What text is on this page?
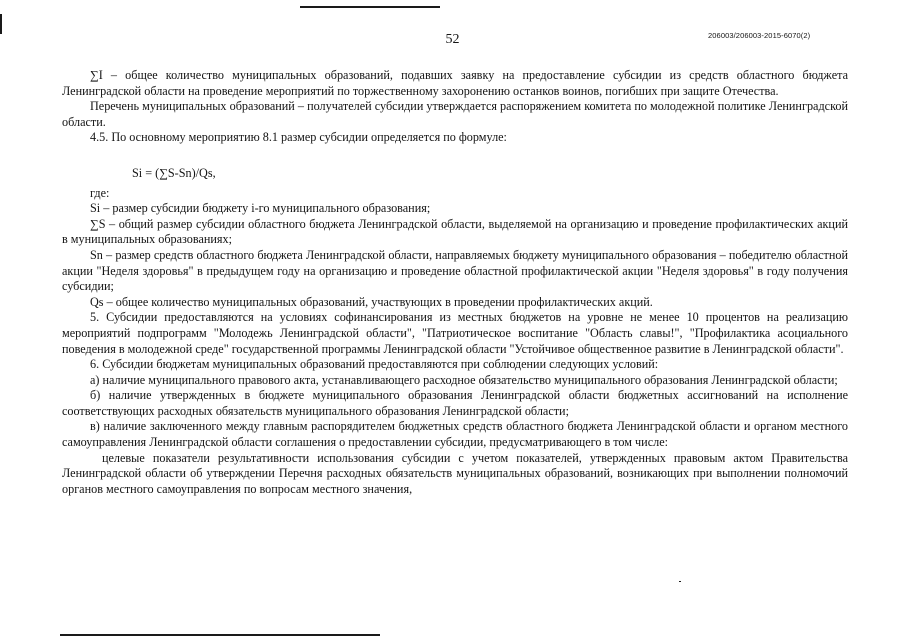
52	206003/206003-2015-6070(2)

∑I – общее количество муниципальных образований, подавших заявку на предоставление субсидии из средств областного бюджета Ленинградской области на проведение мероприятий по торжественному захоронению останков воинов, погибших при защите Отечества.

Перечень муниципальных образований – получателей субсидии утверждается распоряжением комитета по молодежной политике Ленинградской области.

4.5. По основному мероприятию 8.1 размер субсидии определяется по формуле:

Si = (∑S-Sn)/Qs,

где:

Si – размер субсидии бюджету i-го муниципального образования;

∑S – общий размер субсидии областного бюджета Ленинградской области, выделяемой на организацию и проведение профилактических акций в муниципальных образованиях;

Sn – размер средств областного бюджета Ленинградской области, направляемых бюджету муниципального образования – победителю областной акции "Неделя здоровья" в предыдущем году на организацию и проведение областной профилактической акции "Неделя здоровья" в году получения субсидии;

Qs – общее количество муниципальных образований, участвующих в проведении профилактических акций.

5. Субсидии предоставляются на условиях софинансирования из местных бюджетов на уровне не менее 10 процентов на реализацию мероприятий подпрограмм "Молодежь Ленинградской области", "Патриотическое воспитание "Область славы!", "Профилактика асоциального поведения в молодежной среде" государственной программы Ленинградской области "Устойчивое общественное развитие в Ленинградской области".

6. Субсидии бюджетам муниципальных образований предоставляются при соблюдении следующих условий:

а) наличие муниципального правового акта, устанавливающего расходное обязательство муниципального образования Ленинградской области;

б) наличие утвержденных в бюджете муниципального образования Ленинградской области бюджетных ассигнований на исполнение соответствующих расходных обязательств муниципального образования Ленинградской области;

в) наличие заключенного между главным распорядителем бюджетных средств областного бюджета Ленинградской области и органом местного самоуправления Ленинградской области соглашения о предоставлении субсидии, предусматривающего в том числе:

целевые показатели результативности использования субсидии с учетом показателей, утвержденных правовым актом Правительства Ленинградской области об утверждении Перечня расходных обязательств муниципальных образований, возникающих при выполнении полномочий органов местного самоуправления по вопросам местного значения,
